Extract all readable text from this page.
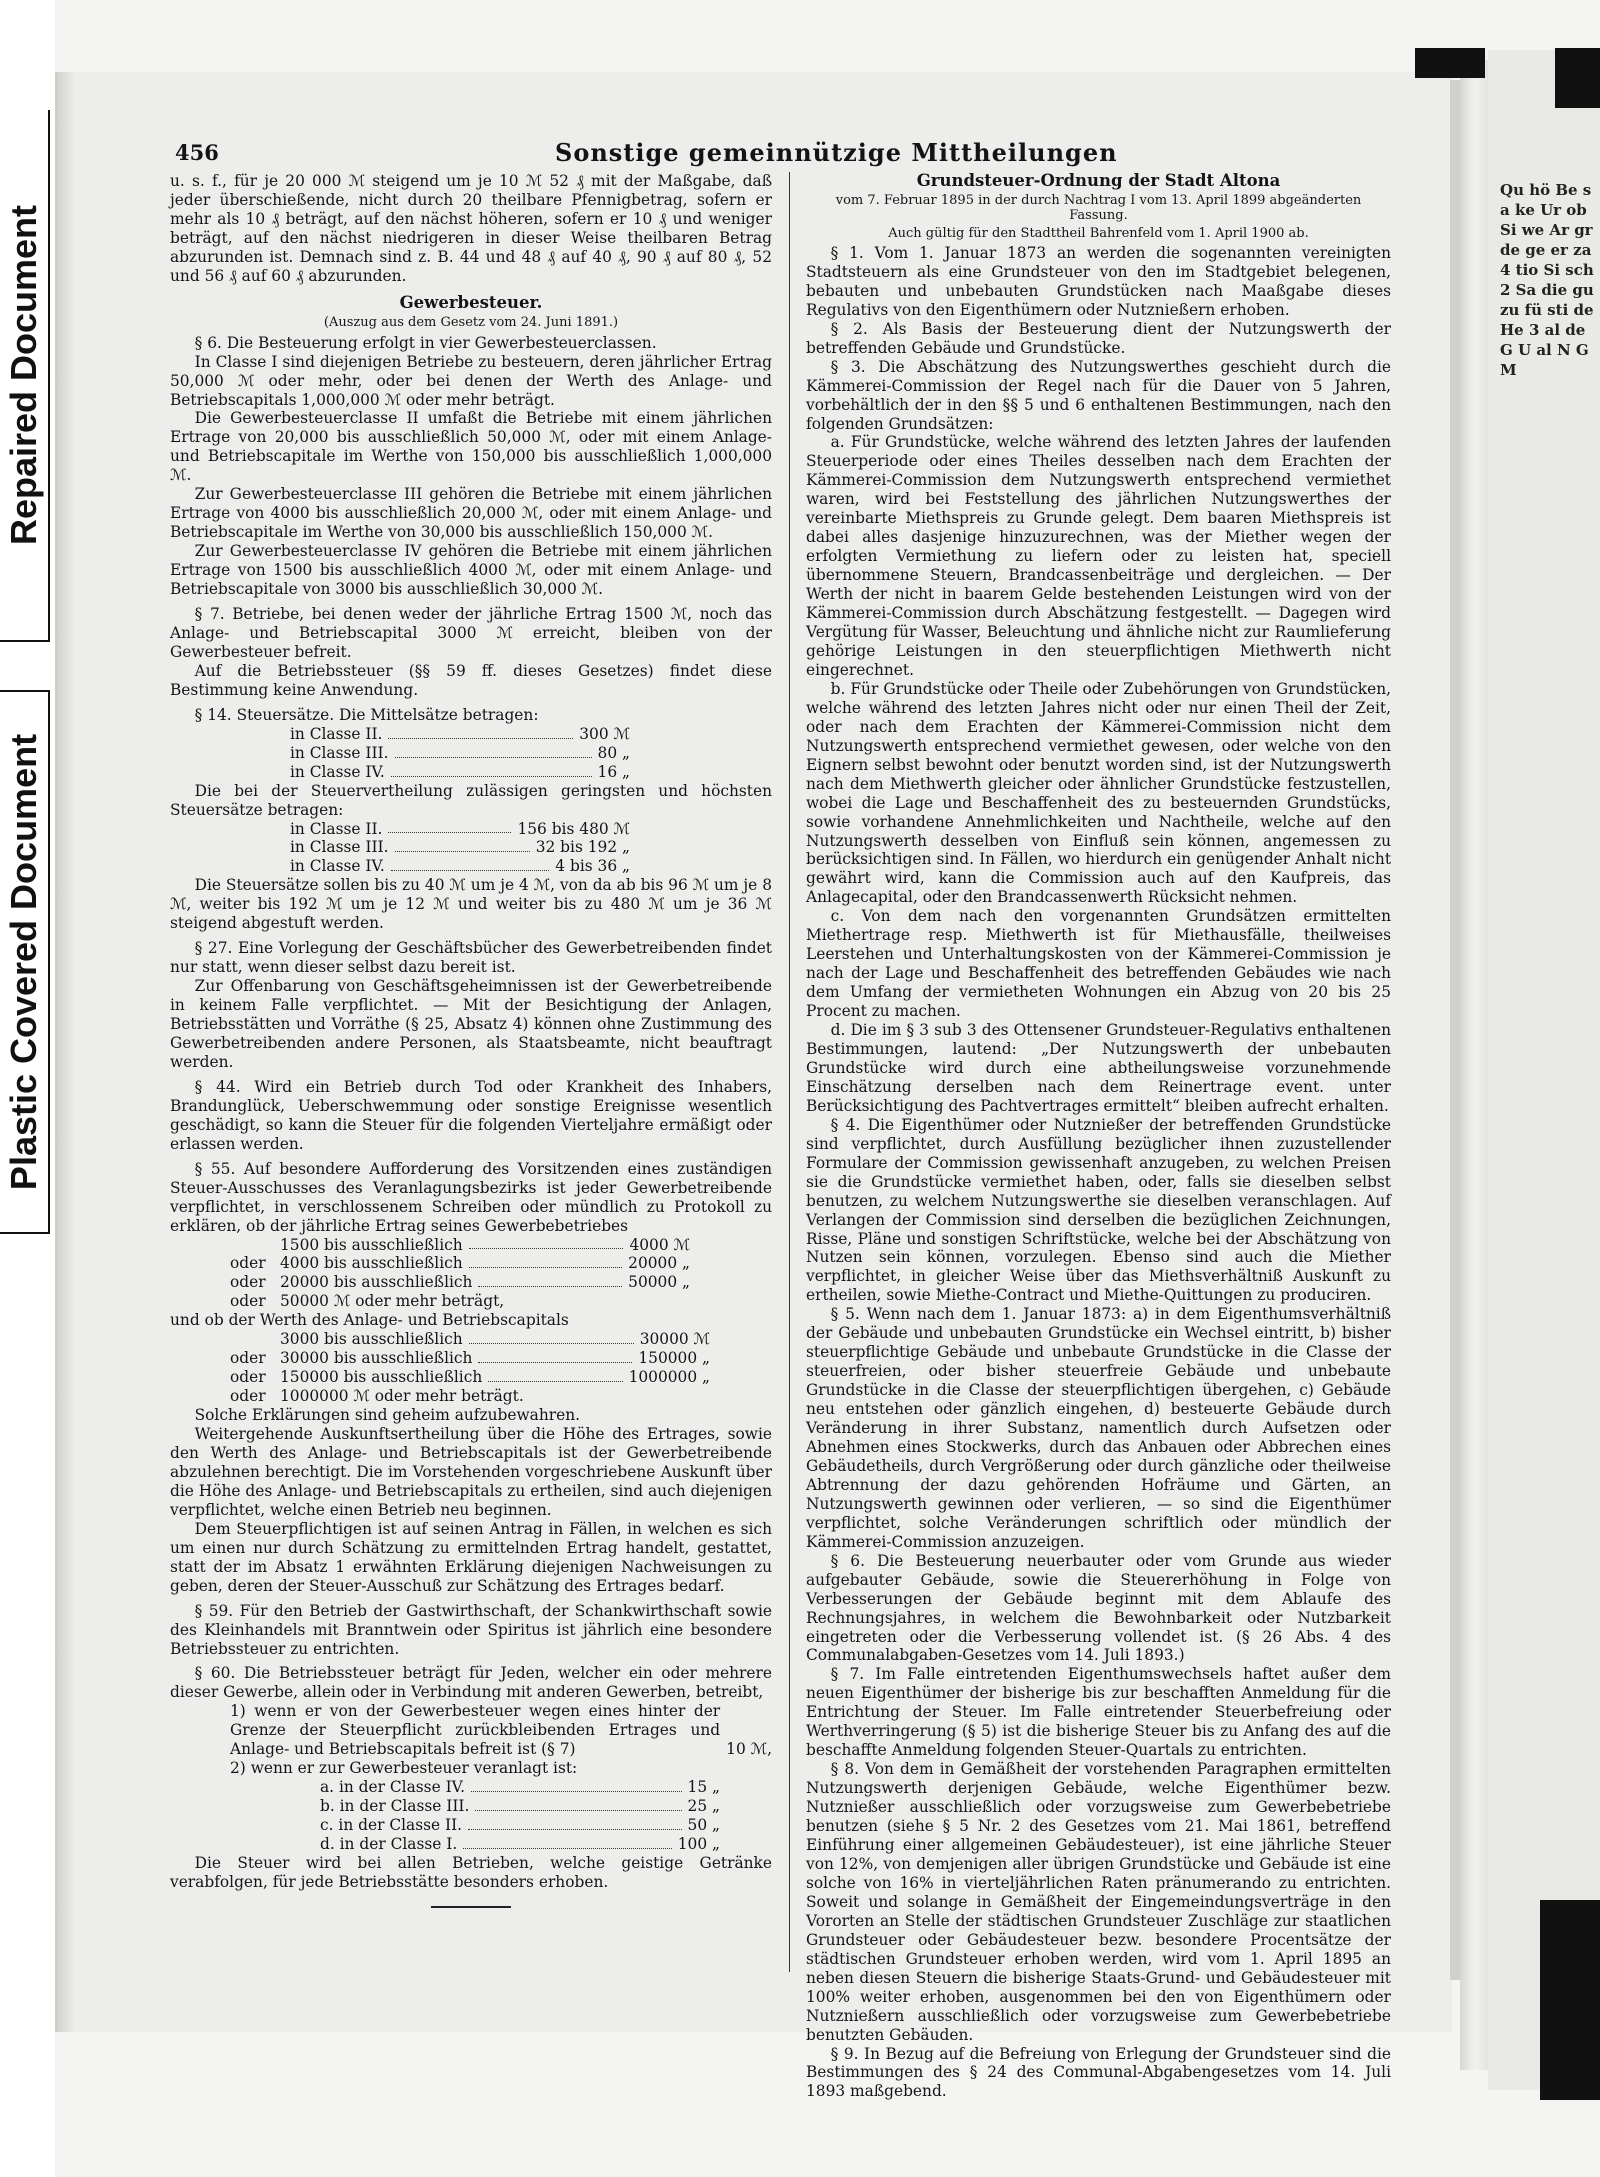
Repaired Document
Plastic Covered Document
Qu hö Be sa ke Ur ob Si we Ar gr de ge er za 4 tio Si sch 2 Sa die gu zu fü sti de He 3 al de G U al N G M
456	Sonstige gemeinnützige Mittheilungen

u. s. f., für je 20 000 ℳ steigend um je 10 ℳ 52 ₰ mit der Maßgabe, daß jeder überschießende, nicht durch 20 theilbare Pfennigbetrag, sofern er mehr als 10 ₰ beträgt, auf den nächst höheren, sofern er 10 ₰ und weniger beträgt, auf den nächst niedrigeren in dieser Weise theilbaren Betrag abzurunden ist. Demnach sind z. B. 44 und 48 ₰ auf 40 ₰, 90 ₰ auf 80 ₰, 52 und 56 ₰ auf 60 ₰ abzurunden.

Gewerbesteuer.
(Auszug aus dem Gesetz vom 24. Juni 1891.)

§ 6. Die Besteuerung erfolgt in vier Gewerbesteuerclassen.

In Classe I sind diejenigen Betriebe zu besteuern, deren jährlicher Ertrag 50,000 ℳ oder mehr, oder bei denen der Werth des Anlage- und Betriebscapitals 1,000,000 ℳ oder mehr beträgt.

Die Gewerbesteuerclasse II umfaßt die Betriebe mit einem jährlichen Ertrage von 20,000 bis ausschließlich 50,000 ℳ, oder mit einem Anlage- und Betriebscapitale im Werthe von 150,000 bis ausschließlich 1,000,000 ℳ.

Zur Gewerbesteuerclasse III gehören die Betriebe mit einem jährlichen Ertrage von 4000 bis ausschließlich 20,000 ℳ, oder mit einem Anlage- und Betriebscapitale im Werthe von 30,000 bis ausschließlich 150,000 ℳ.

Zur Gewerbesteuerclasse IV gehören die Betriebe mit einem jährlichen Ertrage von 1500 bis ausschließlich 4000 ℳ, oder mit einem Anlage- und Betriebscapitale von 3000 bis ausschließlich 30,000 ℳ.

§ 7. Betriebe, bei denen weder der jährliche Ertrag 1500 ℳ, noch das Anlage- und Betriebscapital 3000 ℳ erreicht, bleiben von der Gewerbesteuer befreit.

Auf die Betriebssteuer (§§ 59 ff. dieses Gesetzes) findet diese Bestimmung keine Anwendung.

§ 14. Steuersätze. Die Mittelsätze betragen:

in Classe II.	300 ℳ
in Classe III.	80 „
in Classe IV.	16 „

Die bei der Steuervertheilung zulässigen geringsten und höchsten Steuersätze betragen:

in Classe II.	156 bis 480 ℳ
in Classe III.	32 bis 192 „
in Classe IV.	4 bis 36 „

Die Steuersätze sollen bis zu 40 ℳ um je 4 ℳ, von da ab bis 96 ℳ um je 8 ℳ, weiter bis 192 ℳ um je 12 ℳ und weiter bis zu 480 ℳ um je 36 ℳ steigend abgestuft werden.

§ 27. Eine Vorlegung der Geschäftsbücher des Gewerbetreibenden findet nur statt, wenn dieser selbst dazu bereit ist.

Zur Offenbarung von Geschäftsgeheimnissen ist der Gewerbetreibende in keinem Falle verpflichtet. — Mit der Besichtigung der Anlagen, Betriebsstätten und Vorräthe (§ 25, Absatz 4) können ohne Zustimmung des Gewerbetreibenden andere Personen, als Staatsbeamte, nicht beauftragt werden.

§ 44. Wird ein Betrieb durch Tod oder Krankheit des Inhabers, Brandunglück, Ueberschwemmung oder sonstige Ereignisse wesentlich geschädigt, so kann die Steuer für die folgenden Vierteljahre ermäßigt oder erlassen werden.

§ 55. Auf besondere Aufforderung des Vorsitzenden eines zuständigen Steuer-Ausschusses des Veranlagungsbezirks ist jeder Gewerbetreibende verpflichtet, in verschlossenem Schreiben oder mündlich zu Protokoll zu erklären, ob der jährliche Ertrag seines Gewerbebetriebes

1500 bis ausschließlich	4000 ℳ
oder 4000 bis ausschließlich	20000 „
oder 20000 bis ausschließlich	50000 „
oder 50000 ℳ oder mehr beträgt,

und ob der Werth des Anlage- und Betriebscapitals

3000 bis ausschließlich	30000 ℳ
oder 30000 bis ausschließlich	150000 „
oder 150000 bis ausschließlich	1000000 „
oder 1000000 ℳ oder mehr beträgt.

Solche Erklärungen sind geheim aufzubewahren.

Weitergehende Auskunftsertheilung über die Höhe des Ertrages, sowie den Werth des Anlage- und Betriebscapitals ist der Gewerbetreibende abzulehnen berechtigt. Die im Vorstehenden vorgeschriebene Auskunft über die Höhe des Anlage- und Betriebscapitals zu ertheilen, sind auch diejenigen verpflichtet, welche einen Betrieb neu beginnen.

Dem Steuerpflichtigen ist auf seinen Antrag in Fällen, in welchen es sich um einen nur durch Schätzung zu ermittelnden Ertrag handelt, gestattet, statt der im Absatz 1 erwähnten Erklärung diejenigen Nachweisungen zu geben, deren der Steuer-Ausschuß zur Schätzung des Ertrages bedarf.

§ 59. Für den Betrieb der Gastwirthschaft, der Schankwirthschaft sowie des Kleinhandels mit Branntwein oder Spiritus ist jährlich eine besondere Betriebssteuer zu entrichten.

§ 60. Die Betriebssteuer beträgt für Jeden, welcher ein oder mehrere dieser Gewerbe, allein oder in Verbindung mit anderen Gewerben, betreibt,

1) wenn er von der Gewerbesteuer wegen eines hinter der Grenze der Steuerpflicht zurückbleibenden Ertrages und Anlage- und Betriebscapitals befreit ist (§ 7)	10 ℳ,
2) wenn er zur Gewerbesteuer veranlagt ist:
a. in der Classe IV.	15 „
b. in der Classe III.	25 „
c. in der Classe II.	50 „
d. in der Classe I.	100 „

Die Steuer wird bei allen Betrieben, welche geistige Getränke verabfolgen, für jede Betriebsstätte besonders erhoben.

Grundsteuer-Ordnung der Stadt Altona
vom 7. Februar 1895 in der durch Nachtrag I vom 13. April 1899 abgeänderten Fassung.
Auch gültig für den Stadttheil Bahrenfeld vom 1. April 1900 ab.

§ 1. Vom 1. Januar 1873 an werden die sogenannten vereinigten Stadtsteuern als eine Grundsteuer von den im Stadtgebiet belegenen, bebauten und unbebauten Grundstücken nach Maaßgabe dieses Regulativs von den Eigenthümern oder Nutznießern erhoben.

§ 2. Als Basis der Besteuerung dient der Nutzungswerth der betreffenden Gebäude und Grundstücke.

§ 3. Die Abschätzung des Nutzungswerthes geschieht durch die Kämmerei-Commission der Regel nach für die Dauer von 5 Jahren, vorbehältlich der in den §§ 5 und 6 enthaltenen Bestimmungen, nach den folgenden Grundsätzen:

a. Für Grundstücke, welche während des letzten Jahres der laufenden Steuerperiode oder eines Theiles desselben nach dem Erachten der Kämmerei-Commission dem Nutzungswerth entsprechend vermiethet waren, wird bei Feststellung des jährlichen Nutzungswerthes der vereinbarte Miethspreis zu Grunde gelegt. Dem baaren Miethspreis ist dabei alles dasjenige hinzuzurechnen, was der Miether wegen der erfolgten Vermiethung zu liefern oder zu leisten hat, speciell übernommene Steuern, Brandcassenbeiträge und dergleichen. — Der Werth der nicht in baarem Gelde bestehenden Leistungen wird von der Kämmerei-Commission durch Abschätzung festgestellt. — Dagegen wird Vergütung für Wasser, Beleuchtung und ähnliche nicht zur Raumlieferung gehörige Leistungen in den steuerpflichtigen Miethwerth nicht eingerechnet.

b. Für Grundstücke oder Theile oder Zubehörungen von Grundstücken, welche während des letzten Jahres nicht oder nur einen Theil der Zeit, oder nach dem Erachten der Kämmerei-Commission nicht dem Nutzungswerth entsprechend vermiethet gewesen, oder welche von den Eignern selbst bewohnt oder benutzt worden sind, ist der Nutzungswerth nach dem Miethwerth gleicher oder ähnlicher Grundstücke festzustellen, wobei die Lage und Beschaffenheit des zu besteuernden Grundstücks, sowie vorhandene Annehmlichkeiten und Nachtheile, welche auf den Nutzungswerth desselben von Einfluß sein können, angemessen zu berücksichtigen sind. In Fällen, wo hierdurch ein genügender Anhalt nicht gewährt wird, kann die Commission auch auf den Kaufpreis, das Anlagecapital, oder den Brandcassenwerth Rücksicht nehmen.

c. Von dem nach den vorgenannten Grundsätzen ermittelten Miethertrage resp. Miethwerth ist für Miethausfälle, theilweises Leerstehen und Unterhaltungskosten von der Kämmerei-Commission je nach der Lage und Beschaffenheit des betreffenden Gebäudes wie nach dem Umfang der vermietheten Wohnungen ein Abzug von 20 bis 25 Procent zu machen.

d. Die im § 3 sub 3 des Ottensener Grundsteuer-Regulativs enthaltenen Bestimmungen, lautend: „Der Nutzungswerth der unbebauten Grundstücke wird durch eine abtheilungsweise vorzunehmende Einschätzung derselben nach dem Reinertrage event. unter Berücksichtigung des Pachtvertrages ermittelt“ bleiben aufrecht erhalten.

§ 4. Die Eigenthümer oder Nutznießer der betreffenden Grundstücke sind verpflichtet, durch Ausfüllung bezüglicher ihnen zuzustellender Formulare der Commission gewissenhaft anzugeben, zu welchen Preisen sie die Grundstücke vermiethet haben, oder, falls sie dieselben selbst benutzen, zu welchem Nutzungswerthe sie dieselben veranschlagen. Auf Verlangen der Commission sind derselben die bezüglichen Zeichnungen, Risse, Pläne und sonstigen Schriftstücke, welche bei der Abschätzung von Nutzen sein können, vorzulegen. Ebenso sind auch die Miether verpflichtet, in gleicher Weise über das Miethsverhältniß Auskunft zu ertheilen, sowie Miethe-Contract und Miethe-Quittungen zu produciren.

§ 5. Wenn nach dem 1. Januar 1873: a) in dem Eigenthumsverhältniß der Gebäude und unbebauten Grundstücke ein Wechsel eintritt, b) bisher steuerpflichtige Gebäude und unbebaute Grundstücke in die Classe der steuerfreien, oder bisher steuerfreie Gebäude und unbebaute Grundstücke in die Classe der steuerpflichtigen übergehen, c) Gebäude neu entstehen oder gänzlich eingehen, d) besteuerte Gebäude durch Veränderung in ihrer Substanz, namentlich durch Aufsetzen oder Abnehmen eines Stockwerks, durch das Anbauen oder Abbrechen eines Gebäudetheils, durch Vergrößerung oder durch gänzliche oder theilweise Abtrennung der dazu gehörenden Hofräume und Gärten, an Nutzungswerth gewinnen oder verlieren, — so sind die Eigenthümer verpflichtet, solche Veränderungen schriftlich oder mündlich der Kämmerei-Commission anzuzeigen.

§ 6. Die Besteuerung neuerbauter oder vom Grunde aus wieder aufgebauter Gebäude, sowie die Steuererhöhung in Folge von Verbesserungen der Gebäude beginnt mit dem Ablaufe des Rechnungsjahres, in welchem die Bewohnbarkeit oder Nutzbarkeit eingetreten oder die Verbesserung vollendet ist. (§ 26 Abs. 4 des Communalabgaben-Gesetzes vom 14. Juli 1893.)

§ 7. Im Falle eintretenden Eigenthumswechsels haftet außer dem neuen Eigenthümer der bisherige bis zur beschafften Anmeldung für die Entrichtung der Steuer. Im Falle eintretender Steuerbefreiung oder Werthverringerung (§ 5) ist die bisherige Steuer bis zu Anfang des auf die beschaffte Anmeldung folgenden Steuer-Quartals zu entrichten.

§ 8. Von dem in Gemäßheit der vorstehenden Paragraphen ermittelten Nutzungswerth derjenigen Gebäude, welche Eigenthümer bezw. Nutznießer ausschließlich oder vorzugsweise zum Gewerbebetriebe benutzen (siehe § 5 Nr. 2 des Gesetzes vom 21. Mai 1861, betreffend Einführung einer allgemeinen Gebäudesteuer), ist eine jährliche Steuer von 12%, von demjenigen aller übrigen Grundstücke und Gebäude ist eine solche von 16% in vierteljährlichen Raten pränumerando zu entrichten. Soweit und solange in Gemäßheit der Eingemeindungsverträge in den Vororten an Stelle der städtischen Grundsteuer Zuschläge zur staatlichen Grundsteuer oder Gebäudesteuer bezw. besondere Procentsätze der städtischen Grundsteuer erhoben werden, wird vom 1. April 1895 an neben diesen Steuern die bisherige Staats-Grund- und Gebäudesteuer mit 100% weiter erhoben, ausgenommen bei den von Eigenthümern oder Nutznießern ausschließlich oder vorzugsweise zum Gewerbebetriebe benutzten Gebäuden.

§ 9. In Bezug auf die Befreiung von Erlegung der Grundsteuer sind die Bestimmungen des § 24 des Communal-Abgabengesetzes vom 14. Juli 1893 maßgebend.
